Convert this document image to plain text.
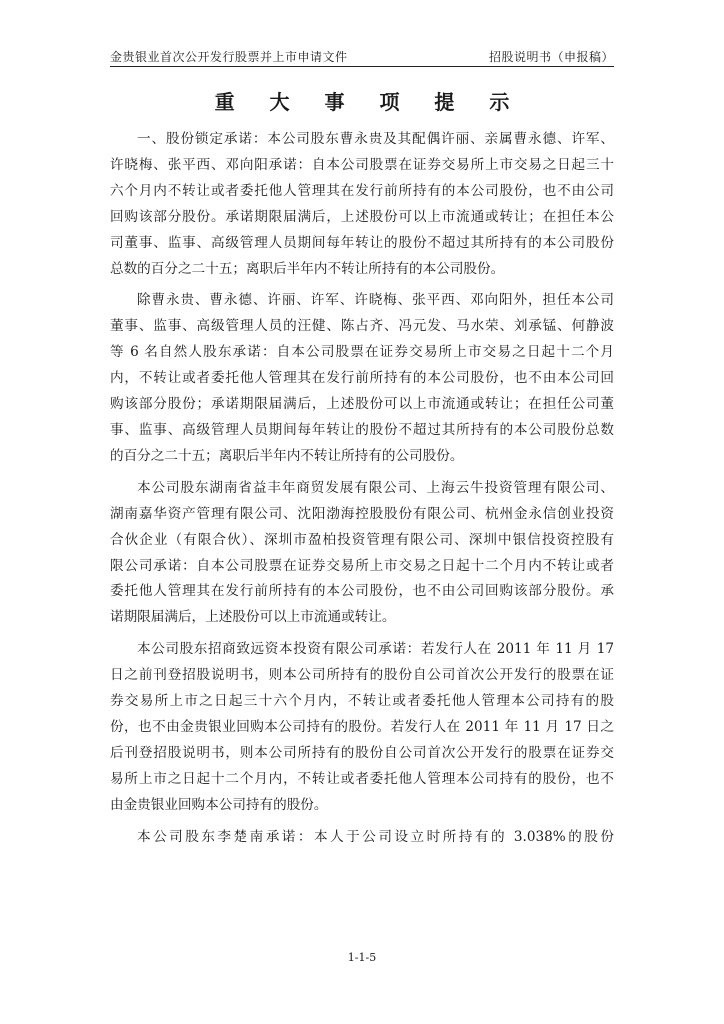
金贵银业首次公开发行股票并上市申请文件	招股说明书（申报稿）
重 大 事 项 提 示
一、股份锁定承诺：本公司股东曹永贵及其配偶许丽、亲属曹永德、许军、
许晓梅、张平西、邓向阳承诺：自本公司股票在证券交易所上市交易之日起三十
六个月内不转让或者委托他人管理其在发行前所持有的本公司股份，也不由公司
回购该部分股份。承诺期限届满后，上述股份可以上市流通或转让；在担任本公
司董事、监事、高级管理人员期间每年转让的股份不超过其所持有的本公司股份
总数的百分之二十五；离职后半年内不转让所持有的本公司股份。
除曹永贵、曹永德、许丽、许军、许晓梅、张平西、邓向阳外，担任本公司
董事、监事、高级管理人员的汪健、陈占齐、冯元发、马水荣、刘承锰、何静波
等 6 名自然人股东承诺：自本公司股票在证券交易所上市交易之日起十二个月
内，不转让或者委托他人管理其在发行前所持有的本公司股份，也不由本公司回
购该部分股份；承诺期限届满后，上述股份可以上市流通或转让；在担任公司董
事、监事、高级管理人员期间每年转让的股份不超过其所持有的本公司股份总数
的百分之二十五；离职后半年内不转让所持有的公司股份。
本公司股东湖南省益丰年商贸发展有限公司、上海云牛投资管理有限公司、
湖南嘉华资产管理有限公司、沈阳渤海控股股份有限公司、杭州金永信创业投资
合伙企业（有限合伙）、深圳市盈柏投资管理有限公司、深圳中银信投资控股有
限公司承诺：自本公司股票在证券交易所上市交易之日起十二个月内不转让或者
委托他人管理其在发行前所持有的本公司股份，也不由公司回购该部分股份。承
诺期限届满后，上述股份可以上市流通或转让。
本公司股东招商致远资本投资有限公司承诺：若发行人在 2011 年 11 月 17
日之前刊登招股说明书，则本公司所持有的股份自公司首次公开发行的股票在证
券交易所上市之日起三十六个月内，不转让或者委托他人管理本公司持有的股
份，也不由金贵银业回购本公司持有的股份。若发行人在 2011 年 11 月 17 日之
后刊登招股说明书，则本公司所持有的股份自公司首次公开发行的股票在证券交
易所上市之日起十二个月内，不转让或者委托他人管理本公司持有的股份，也不
由金贵银业回购本公司持有的股份。
本公司股东李楚南承诺：本人于公司设立时所持有的 3.038%的股份
1-1-5
